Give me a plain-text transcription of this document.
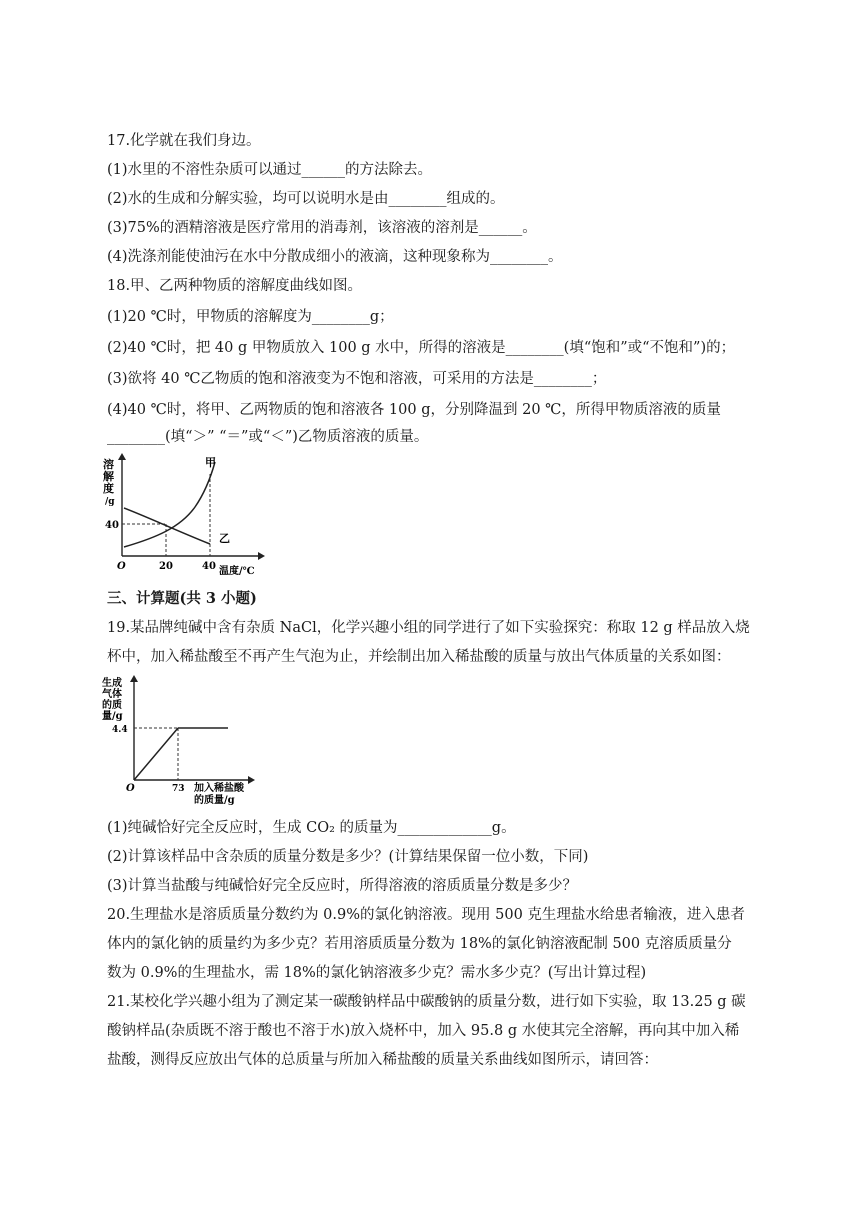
17.化学就在我们身边。
(1)水里的不溶性杂质可以通过______的方法除去。
(2)水的生成和分解实验，均可以说明水是由________组成的。
(3)75%的酒精溶液是医疗常用的消毒剂，该溶液的溶剂是______。
(4)洗涤剂能使油污在水中分散成细小的液滴，这种现象称为________。
18.甲、乙两种物质的溶解度曲线如图。
(1)20 ℃时，甲物质的溶解度为________g；
(2)40 ℃时，把 40 g 甲物质放入 100 g 水中，所得的溶液是________(填“饱和”或“不饱和”)的；
(3)欲将 40 ℃乙物质的饱和溶液变为不饱和溶液，可采用的方法是________；
(4)40 ℃时，将甲、乙两物质的饱和溶液各 100 g，分别降温到 20 ℃，所得甲物质溶液的质量
________(填“＞” “＝”或“＜”)乙物质溶液的质量。
溶
解
度
/g
40
O	20	40 温度/℃
甲
乙
三、计算题(共 3 小题)
19.某品牌纯碱中含有杂质 NaCl，化学兴趣小组的同学进行了如下实验探究：称取 12 g 样品放入烧
杯中，加入稀盐酸至不再产生气泡为止，并绘制出加入稀盐酸的质量与放出气体质量的关系如图：
生成
气体
的质
量/g
4.4
O	73 加入稀盐酸
的质量/g
(1)纯碱恰好完全反应时，生成 CO₂ 的质量为_____________g。
(2)计算该样品中含杂质的质量分数是多少？(计算结果保留一位小数，下同)
(3)计算当盐酸与纯碱恰好完全反应时，所得溶液的溶质质量分数是多少？
20.生理盐水是溶质质量分数约为 0.9%的氯化钠溶液。现用 500 克生理盐水给患者输液，进入患者
体内的氯化钠的质量约为多少克？若用溶质质量分数为 18%的氯化钠溶液配制 500 克溶质质量分
数为 0.9%的生理盐水，需 18%的氯化钠溶液多少克？需水多少克？(写出计算过程)
21.某校化学兴趣小组为了测定某一碳酸钠样品中碳酸钠的质量分数，进行如下实验，取 13.25 g 碳
酸钠样品(杂质既不溶于酸也不溶于水)放入烧杯中，加入 95.8 g 水使其完全溶解，再向其中加入稀
盐酸，测得反应放出气体的总质量与所加入稀盐酸的质量关系曲线如图所示，请回答：
